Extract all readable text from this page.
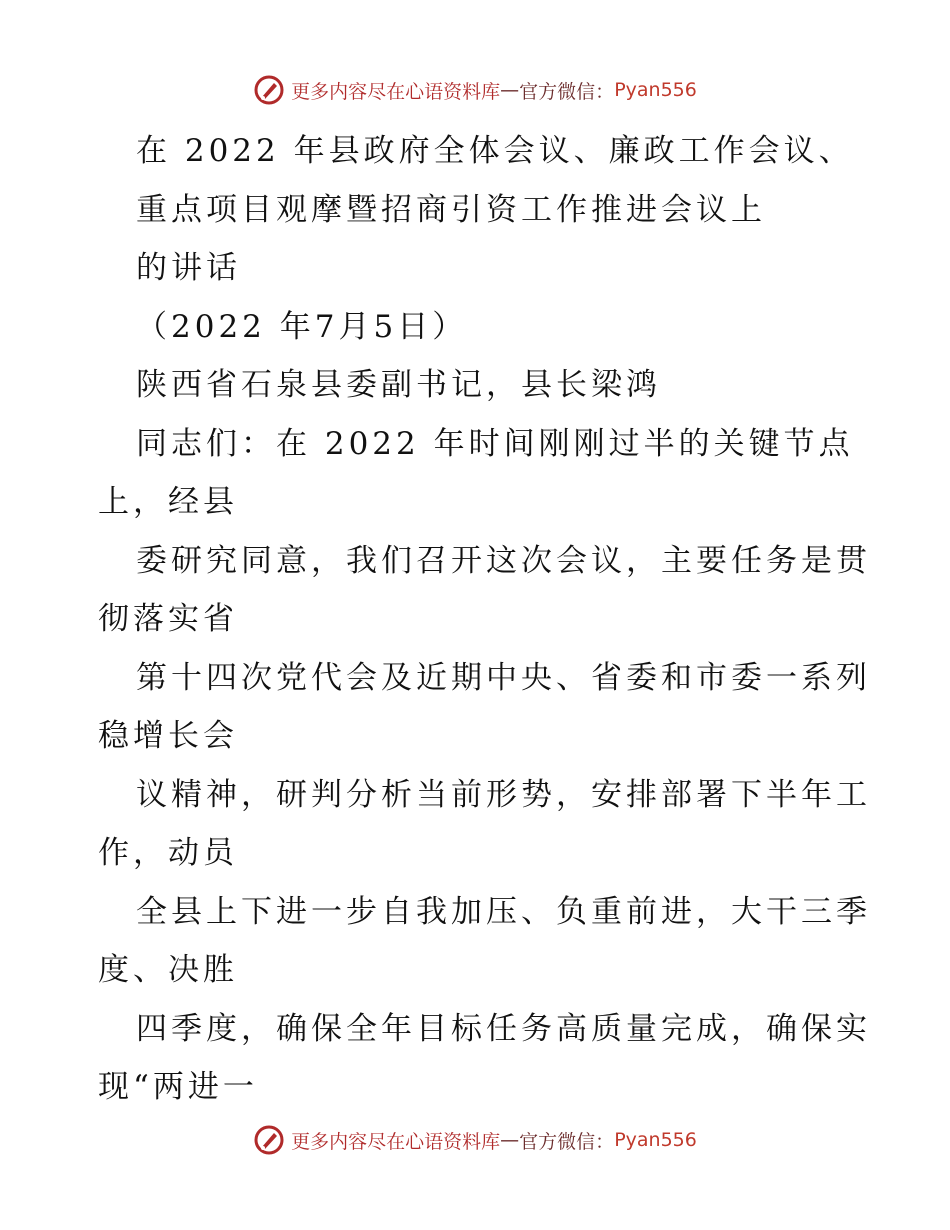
更多内容尽在心语资料库 — 官方微信： Pyan556
在 2022 年县政府全体会议、廉政工作会议、
重点项目观摩暨招商引资工作推进会议上
的讲话
（2022 年7月5日）
陕西省石泉县委副书记，县长梁鸿
同志们：在 2022 年时间刚刚过半的关键节点
上，经县
委研究同意，我们召开这次会议，主要任务是贯
彻落实省
第十四次党代会及近期中央、省委和市委一系列
稳增长会
议精神，研判分析当前形势，安排部署下半年工
作，动员
全县上下进一步自我加压、负重前进，大干三季
度、决胜
四季度，确保全年目标任务高质量完成，确保实
现“两进一
更多内容尽在心语资料库 — 官方微信： Pyan556
